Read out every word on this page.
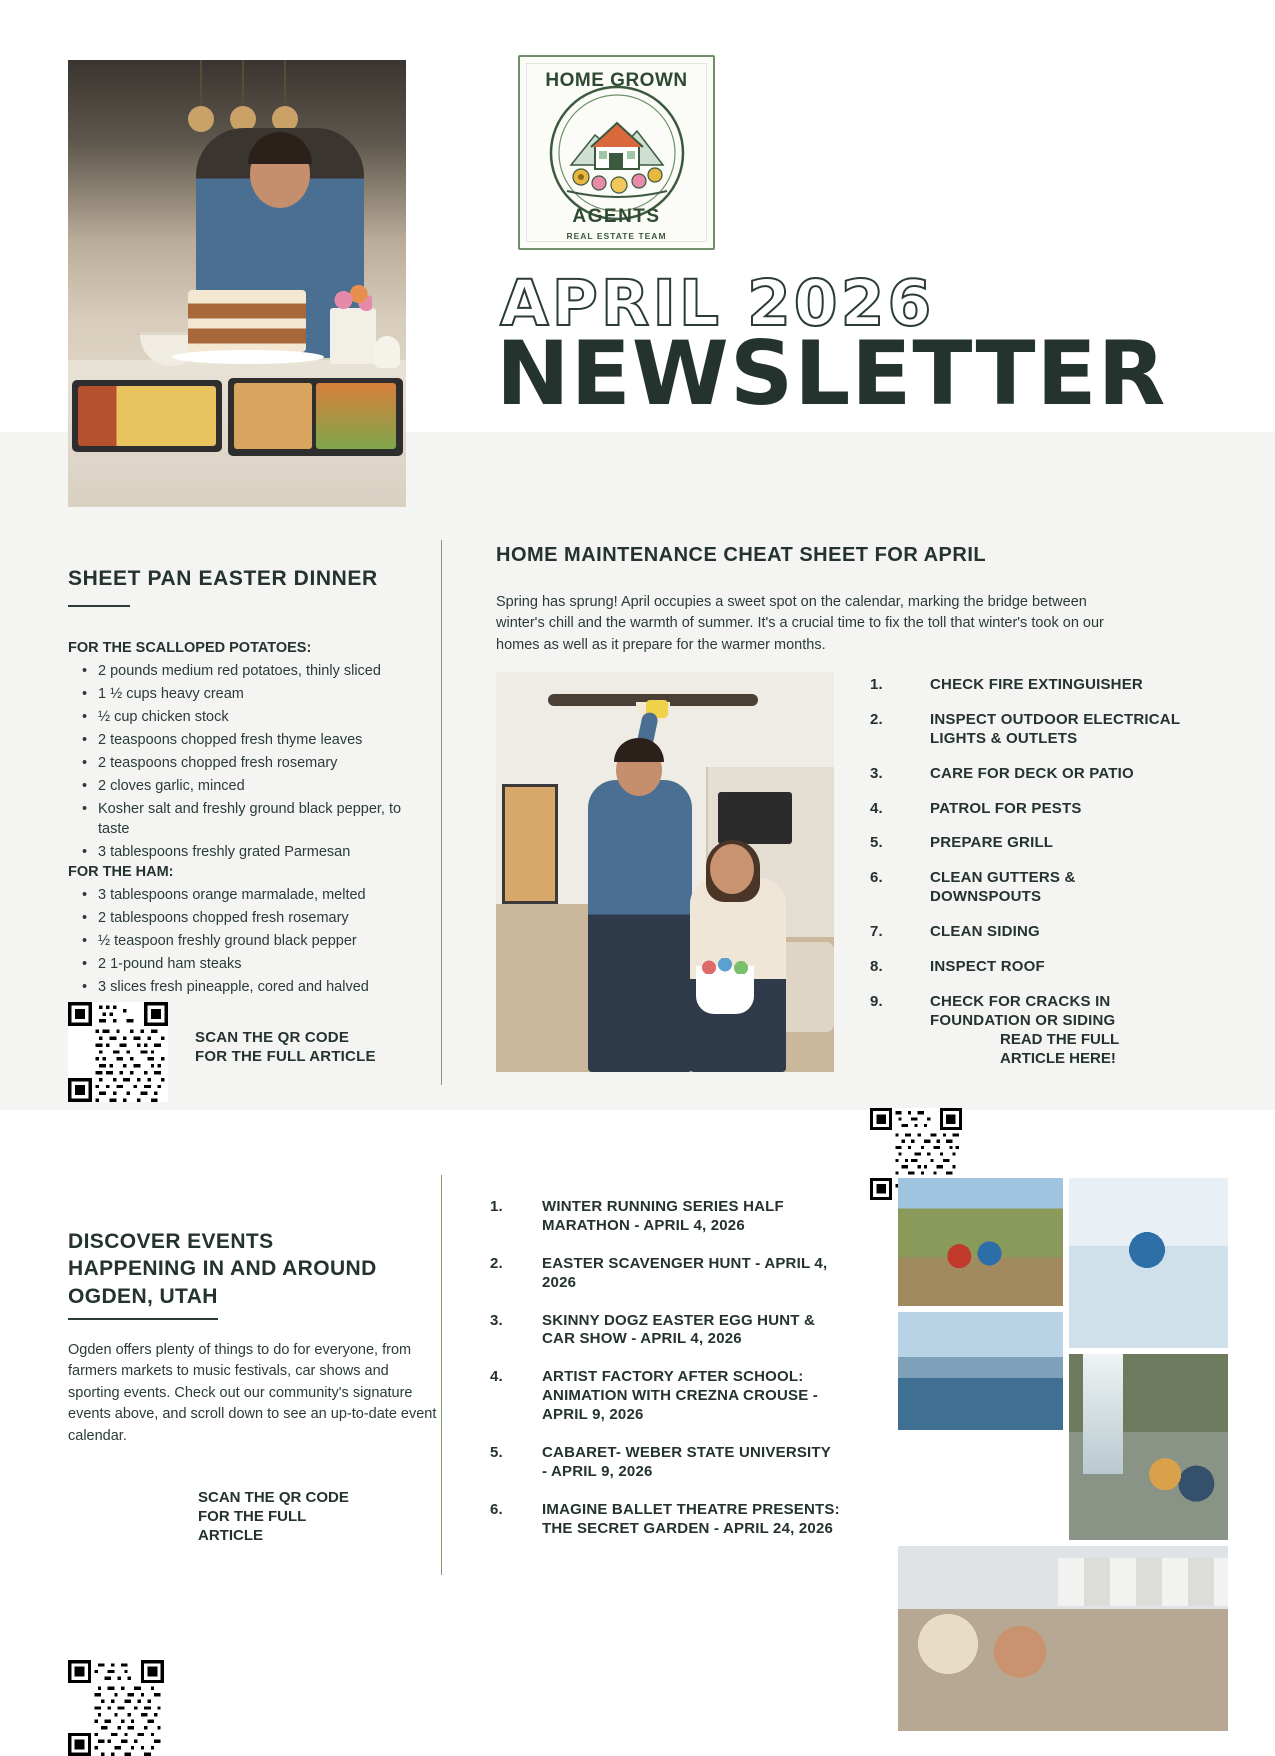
HOME GROWN
AGENTS
REAL ESTATE TEAM
APRIL 2026
NEWSLETTER
SHEET PAN EASTER DINNER
FOR THE SCALLOPED POTATOES:
• 2 pounds medium red potatoes, thinly sliced
• 1 ½ cups heavy cream
• ½ cup chicken stock
• 2 teaspoons chopped fresh thyme leaves
• 2 teaspoons chopped fresh rosemary
• 2 cloves garlic, minced
• Kosher salt and freshly ground black pepper, to taste
• 3 tablespoons freshly grated Parmesan
FOR THE HAM:
• 3 tablespoons orange marmalade, melted
• 2 tablespoons chopped fresh rosemary
• ½ teaspoon freshly ground black pepper
• 2 1-pound ham steaks
• 3 slices fresh pineapple, cored and halved
SCAN THE QR CODE
FOR THE FULL ARTICLE
HOME MAINTENANCE CHEAT SHEET FOR APRIL
Spring has sprung! April occupies a sweet spot on the calendar, marking the bridge between winter's chill and the warmth of summer. It's a crucial time to fix the toll that winter's took on our homes as well as it prepare for the warmer months.
1.	CHECK FIRE EXTINGUISHER
2.	INSPECT OUTDOOR ELECTRICAL LIGHTS & OUTLETS
3.	CARE FOR DECK OR PATIO
4.	PATROL FOR PESTS
5.	PREPARE GRILL
6.	CLEAN GUTTERS & DOWNSPOUTS
7.	CLEAN SIDING
8.	INSPECT ROOF
9.	CHECK FOR CRACKS IN FOUNDATION OR SIDING
READ THE FULL
ARTICLE HERE!
DISCOVER EVENTS HAPPENING IN AND AROUND OGDEN, UTAH
Ogden offers plenty of things to do for everyone, from farmers markets to music festivals, car shows and sporting events. Check out our community's signature events above, and scroll down to see an up-to-date event calendar.
SCAN THE QR CODE FOR THE FULL ARTICLE
1.	WINTER RUNNING SERIES HALF MARATHON - APRIL 4, 2026
2.	EASTER SCAVENGER HUNT - APRIL 4, 2026
3.	SKINNY DOGZ EASTER EGG HUNT & CAR SHOW - APRIL 4, 2026
4.	ARTIST FACTORY AFTER SCHOOL: ANIMATION WITH CREZNA CROUSE - APRIL 9, 2026
5.	CABARET- WEBER STATE UNIVERSITY - APRIL 9, 2026
6.	IMAGINE BALLET THEATRE PRESENTS: THE SECRET GARDEN - APRIL 24, 2026
